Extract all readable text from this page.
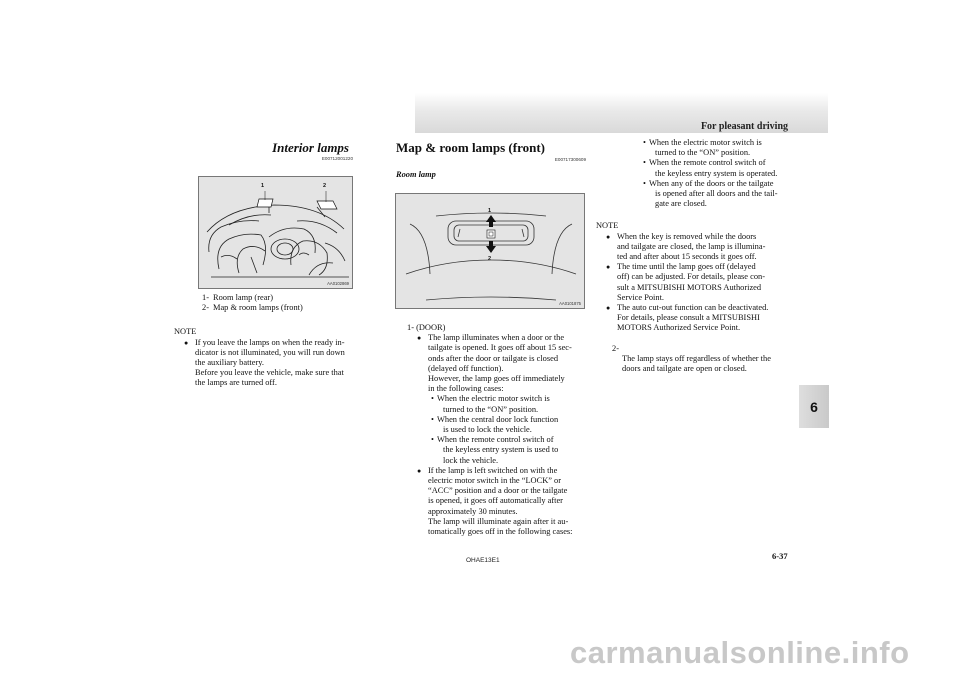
For pleasant driving
6
Interior lamps
E00712001220
1	2
AA0102869
1- Room lamp (rear)
2- Map & room lamps (front)
NOTE
● If you leave the lamps on when the ready in-
dicator is not illuminated, you will run down
the auxiliary battery.
Before you leave the vehicle, make sure that
the lamps are turned off.
Map & room lamps (front)
E00717300609
Room lamp
1
2
AA0101875
1- (DOOR)
● The lamp illuminates when a door or the
tailgate is opened. It goes off about 15 sec-
onds after the door or tailgate is closed
(delayed off function).
However, the lamp goes off immediately
in the following cases:
• When the electric motor switch is
turned to the “ON” position.
• When the central door lock function
is used to lock the vehicle.
• When the remote control switch of
the keyless entry system is used to
lock the vehicle.
● If the lamp is left switched on with the
electric motor switch in the “LOCK” or
“ACC” position and a door or the tailgate
is opened, it goes off automatically after
approximately 30 minutes.
The lamp will illuminate again after it au-
tomatically goes off in the following cases:
• When the electric motor switch is
turned to the “ON” position.
• When the remote control switch of
the keyless entry system is operated.
• When any of the doors or the tailgate
is opened after all doors and the tail-
gate are closed.
NOTE
● When the key is removed while the doors
and tailgate are closed, the lamp is illumina-
ted and after about 15 seconds it goes off.
● The time until the lamp goes off (delayed
off) can be adjusted. For details, please con-
sult a MITSUBISHI MOTORS Authorized
Service Point.
● The auto cut-out function can be deactivated.
For details, please consult a MITSUBISHI
MOTORS Authorized Service Point.
2-
The lamp stays off regardless of whether the
doors and tailgate are open or closed.
OHAE13E1	6-37
carmanualsonline.info
